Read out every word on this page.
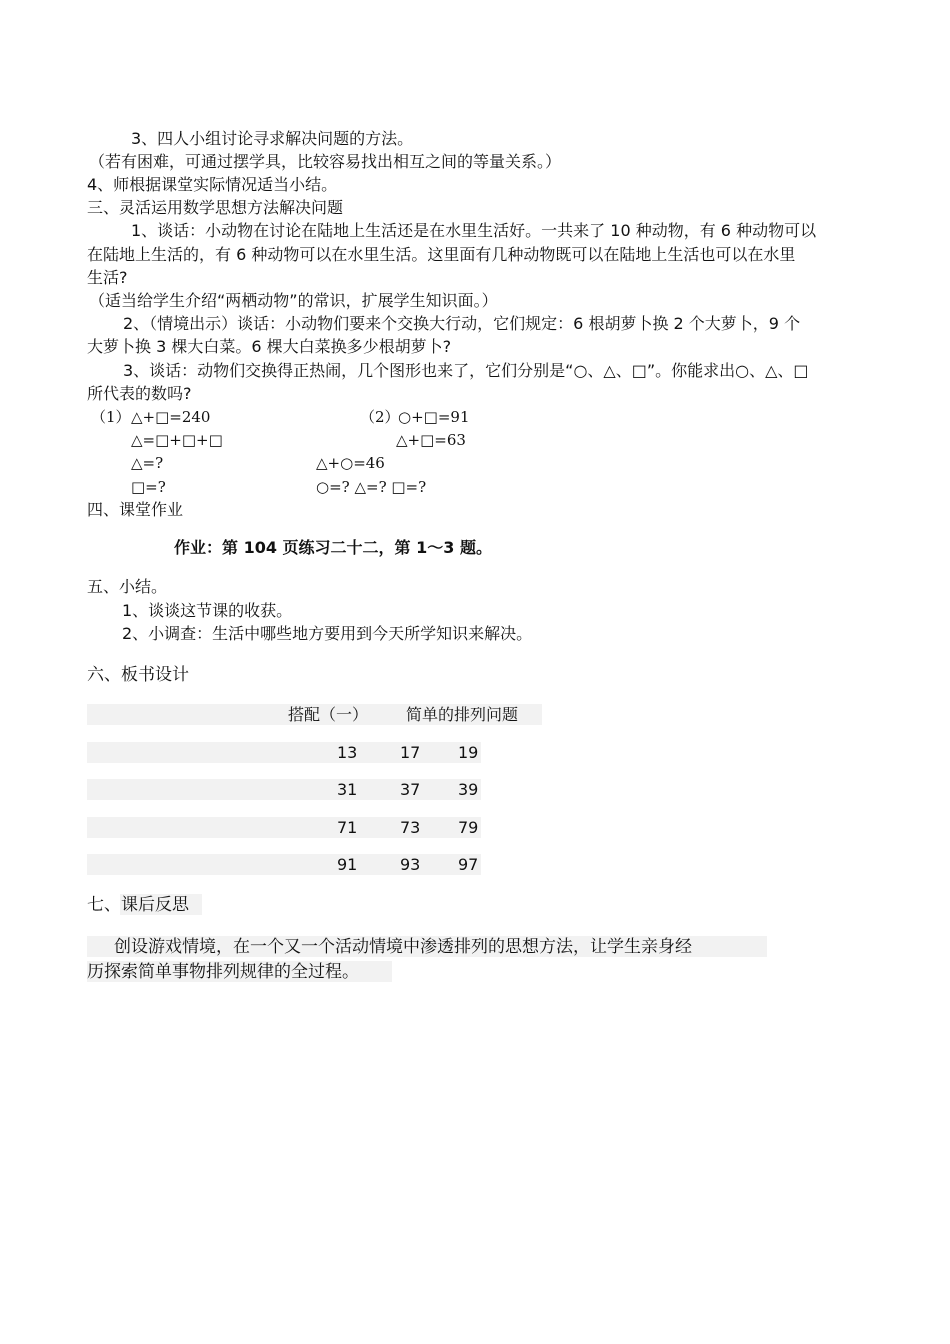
3、四人小组讨论寻求解决问题的方法。
（若有困难，可通过摆学具，比较容易找出相互之间的等量关系。）
4、师根据课堂实际情况适当小结。
三、灵活运用数学思想方法解决问题
1、谈话：小动物在讨论在陆地上生活还是在水里生活好。一共来了 10 种动物，有 6 种动物可以
在陆地上生活的，有 6 种动物可以在水里生活。这里面有几种动物既可以在陆地上生活也可以在水里
生活?
（适当给学生介绍“两栖动物”的常识，扩展学生知识面。）
2、（情境出示）谈话：小动物们要来个交换大行动，它们规定：6 根胡萝卜换 2 个大萝卜，9 个
大萝卜换 3 棵大白菜。6 棵大白菜换多少根胡萝卜?
3、谈话：动物们交换得正热闹，几个图形也来了，它们分别是“○、△、□”。你能求出○、△、□
所代表的数吗?
（1） △+□=240
△=□+□+□
△=?
□=?
（2）
○+□=91
△+□=63
△+○=46
○=? △=? □=?
四、课堂作业
作业：第 104 页练习二十二，第 1～3 题。
五、小结。
1、谈谈这节课的收获。
2、小调查：生活中哪些地方要用到今天所学知识来解决。
六、板书设计
搭配（一） 简单的排列问题
13	17 19
31	37 39
71	73 79
91	93 97
七、课后反思
创设游戏情境，在一个又一个活动情境中渗透排列的思想方法，让学生亲身经
历探索简单事物排列规律的全过程。
